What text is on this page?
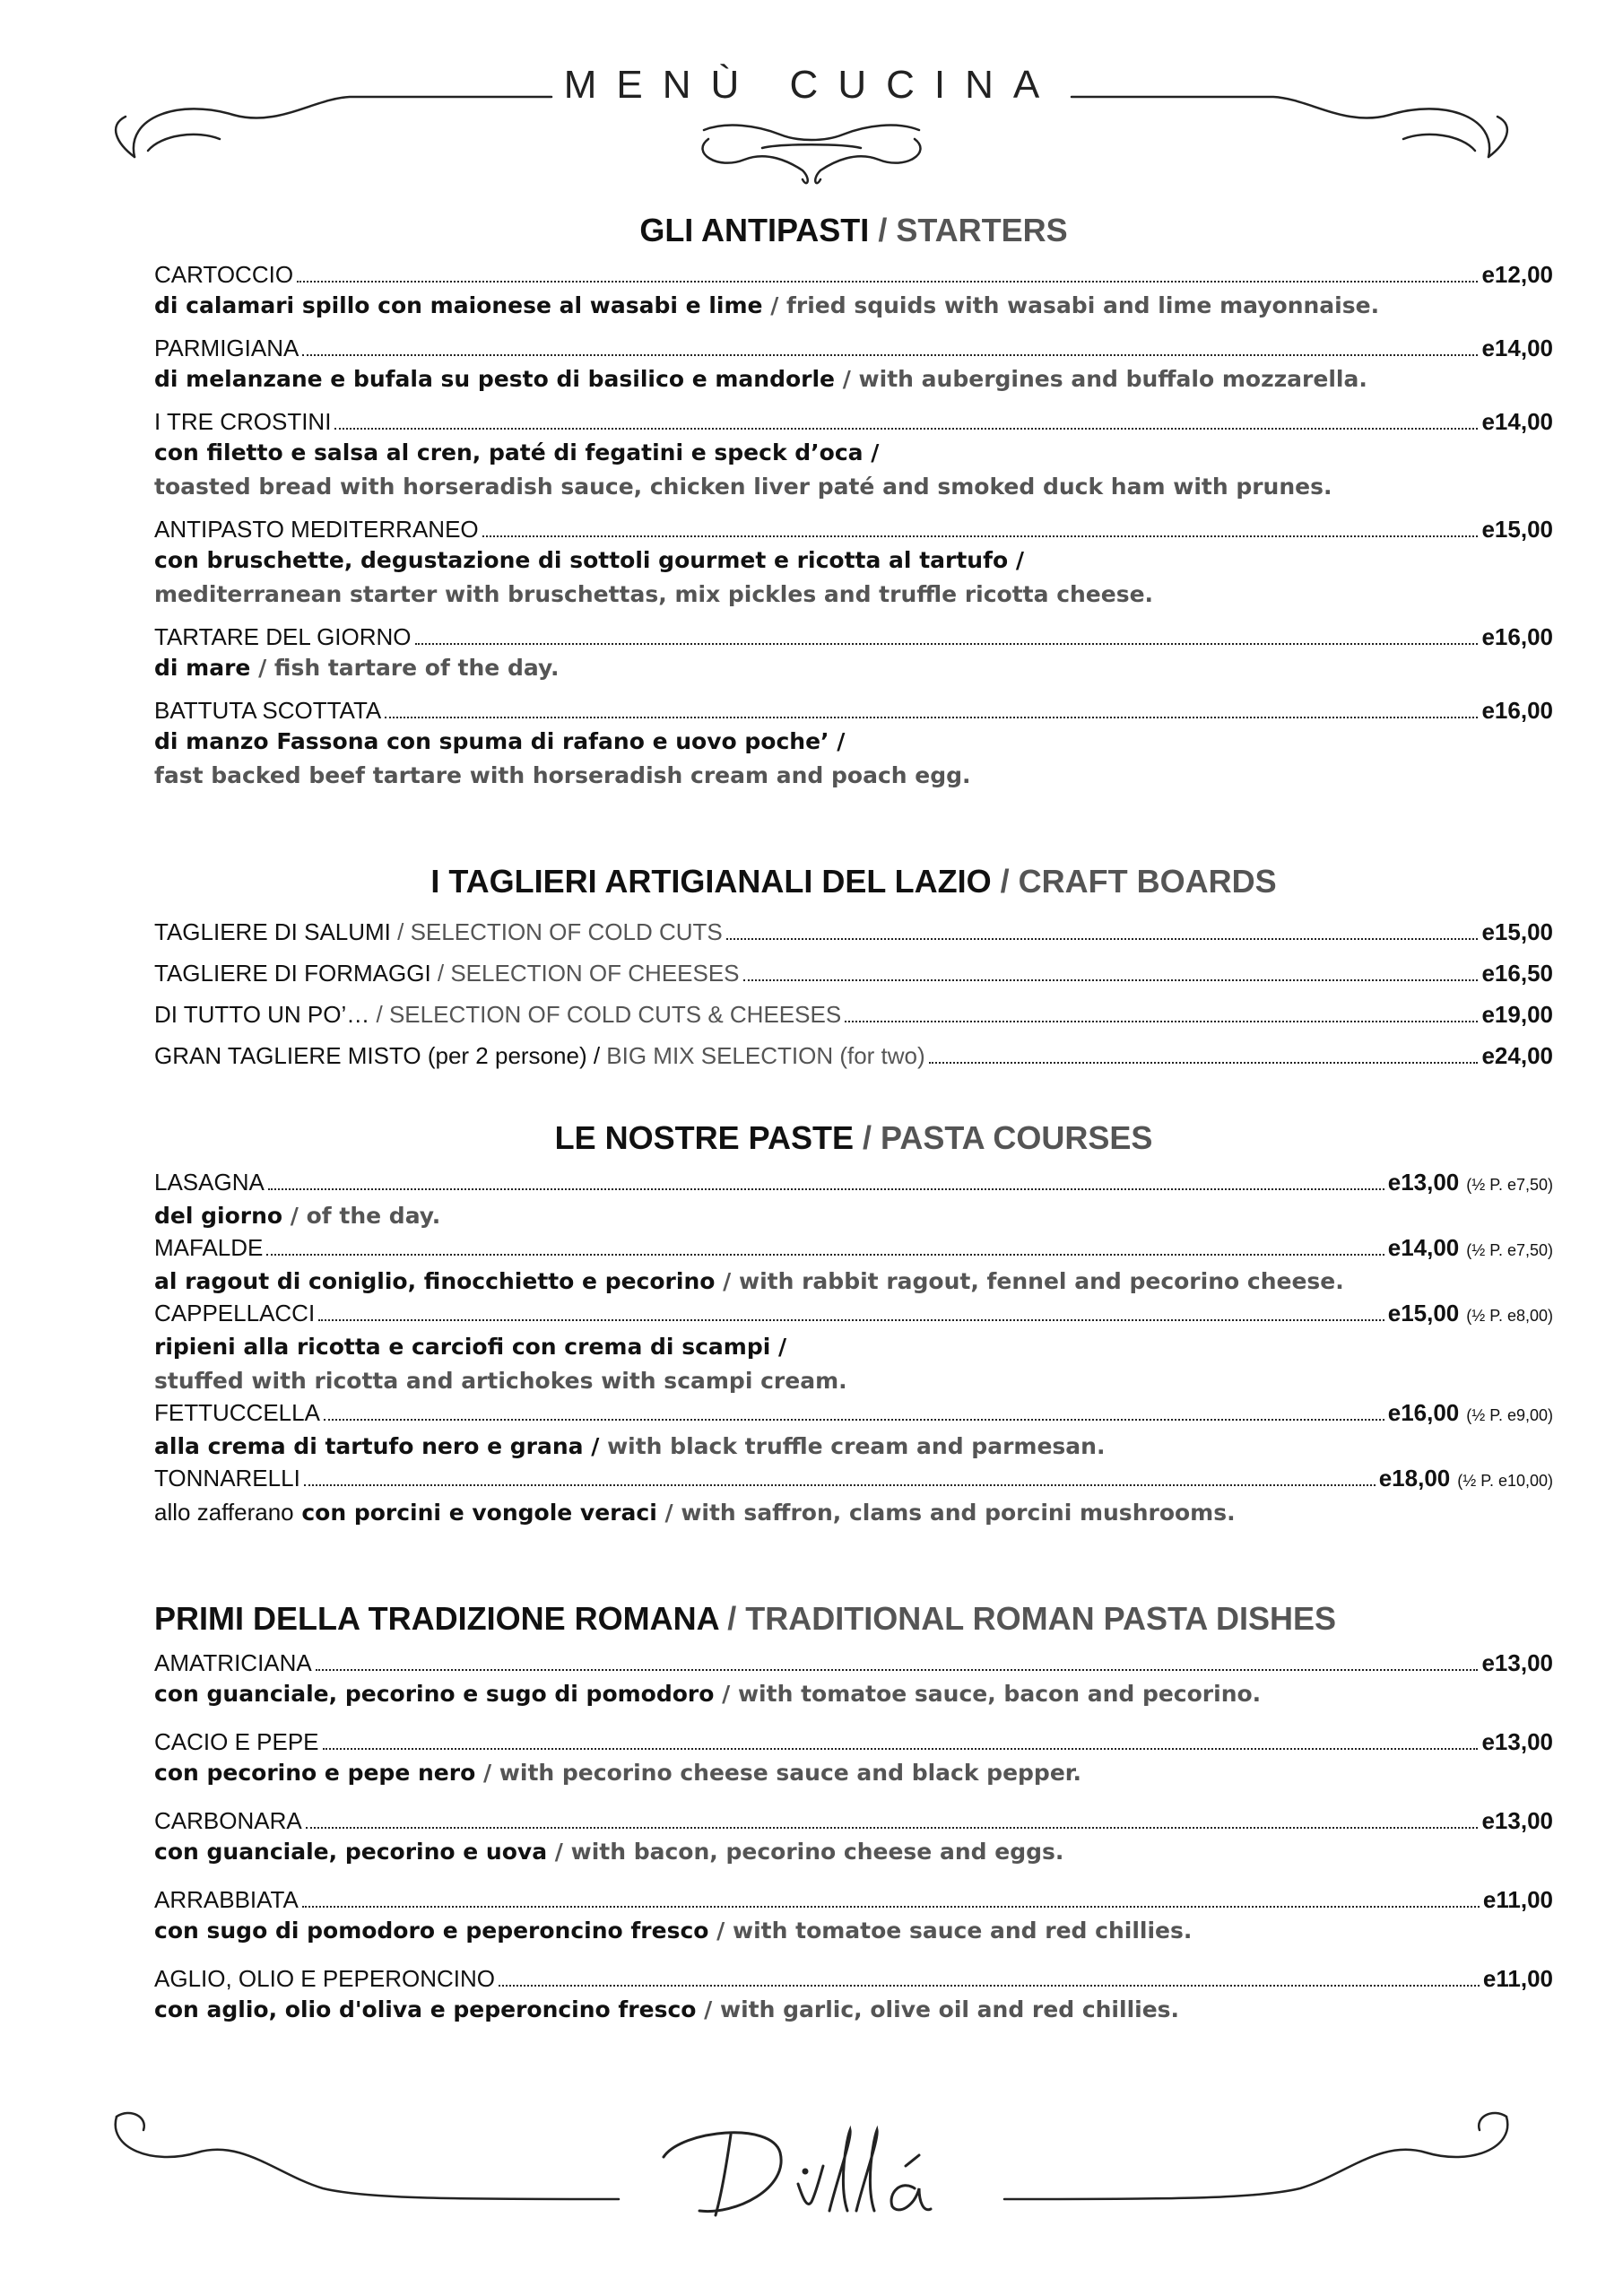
MENÙ CUCINA
GLI ANTIPASTI / STARTERS
CARTOCCIO	e12,00
di calamari spillo con maionese al wasabi e lime / fried squids with wasabi and lime mayonnaise.
PARMIGIANA	e14,00
di melanzane e bufala su pesto di basilico e mandorle / with aubergines and buffalo mozzarella.
I TRE CROSTINI	e14,00
con filetto e salsa al cren, paté di fegatini e speck d’oca /
toasted bread with horseradish sauce, chicken liver paté and smoked duck ham with prunes.
ANTIPASTO MEDITERRANEO	e15,00
con bruschette, degustazione di sottoli gourmet e ricotta al tartufo /
mediterranean starter with bruschettas, mix pickles and truffle ricotta cheese.
TARTARE DEL GIORNO	e16,00
di mare / fish tartare of the day.
BATTUTA SCOTTATA	e16,00
di manzo Fassona con spuma di rafano e uovo poche’ /
fast backed beef tartare with horseradish cream and poach egg.
I TAGLIERI ARTIGIANALI DEL LAZIO / CRAFT BOARDS
TAGLIERE DI SALUMI / SELECTION OF COLD CUTS	e15,00
TAGLIERE DI FORMAGGI / SELECTION OF CHEESES	e16,50
DI TUTTO UN PO’… / SELECTION OF COLD CUTS & CHEESES	e19,00
GRAN TAGLIERE MISTO (per 2 persone) / BIG MIX SELECTION (for two)	e24,00
LE NOSTRE PASTE / PASTA COURSES
LASAGNA	e13,00 (½ P. e7,50)
del giorno / of the day.
MAFALDE	e14,00 (½ P. e7,50)
al ragout di coniglio, finocchietto e pecorino / with rabbit ragout, fennel and pecorino cheese.
CAPPELLACCI	e15,00 (½ P. e8,00)
ripieni alla ricotta e carciofi con crema di scampi /
stuffed with ricotta and artichokes with scampi cream.
FETTUCCELLA	e16,00 (½ P. e9,00)
alla crema di tartufo nero e grana / with black truffle cream and parmesan.
TONNARELLI	e18,00 (½ P. e10,00)
allo zafferano con porcini e vongole veraci / with saffron, clams and porcini mushrooms.
PRIMI DELLA TRADIZIONE ROMANA / TRADITIONAL ROMAN PASTA DISHES
AMATRICIANA	e13,00
con guanciale, pecorino e sugo di pomodoro / with tomatoe sauce, bacon and pecorino.
CACIO E PEPE	e13,00
con pecorino e pepe nero / with pecorino cheese sauce and black pepper.
CARBONARA	e13,00
con guanciale, pecorino e uova / with bacon, pecorino cheese and eggs.
ARRABBIATA	e11,00
con sugo di pomodoro e peperoncino fresco / with tomatoe sauce and red chillies.
AGLIO, OLIO E PEPERONCINO	e11,00
con aglio, olio d'oliva e peperoncino fresco / with garlic, olive oil and red chillies.
